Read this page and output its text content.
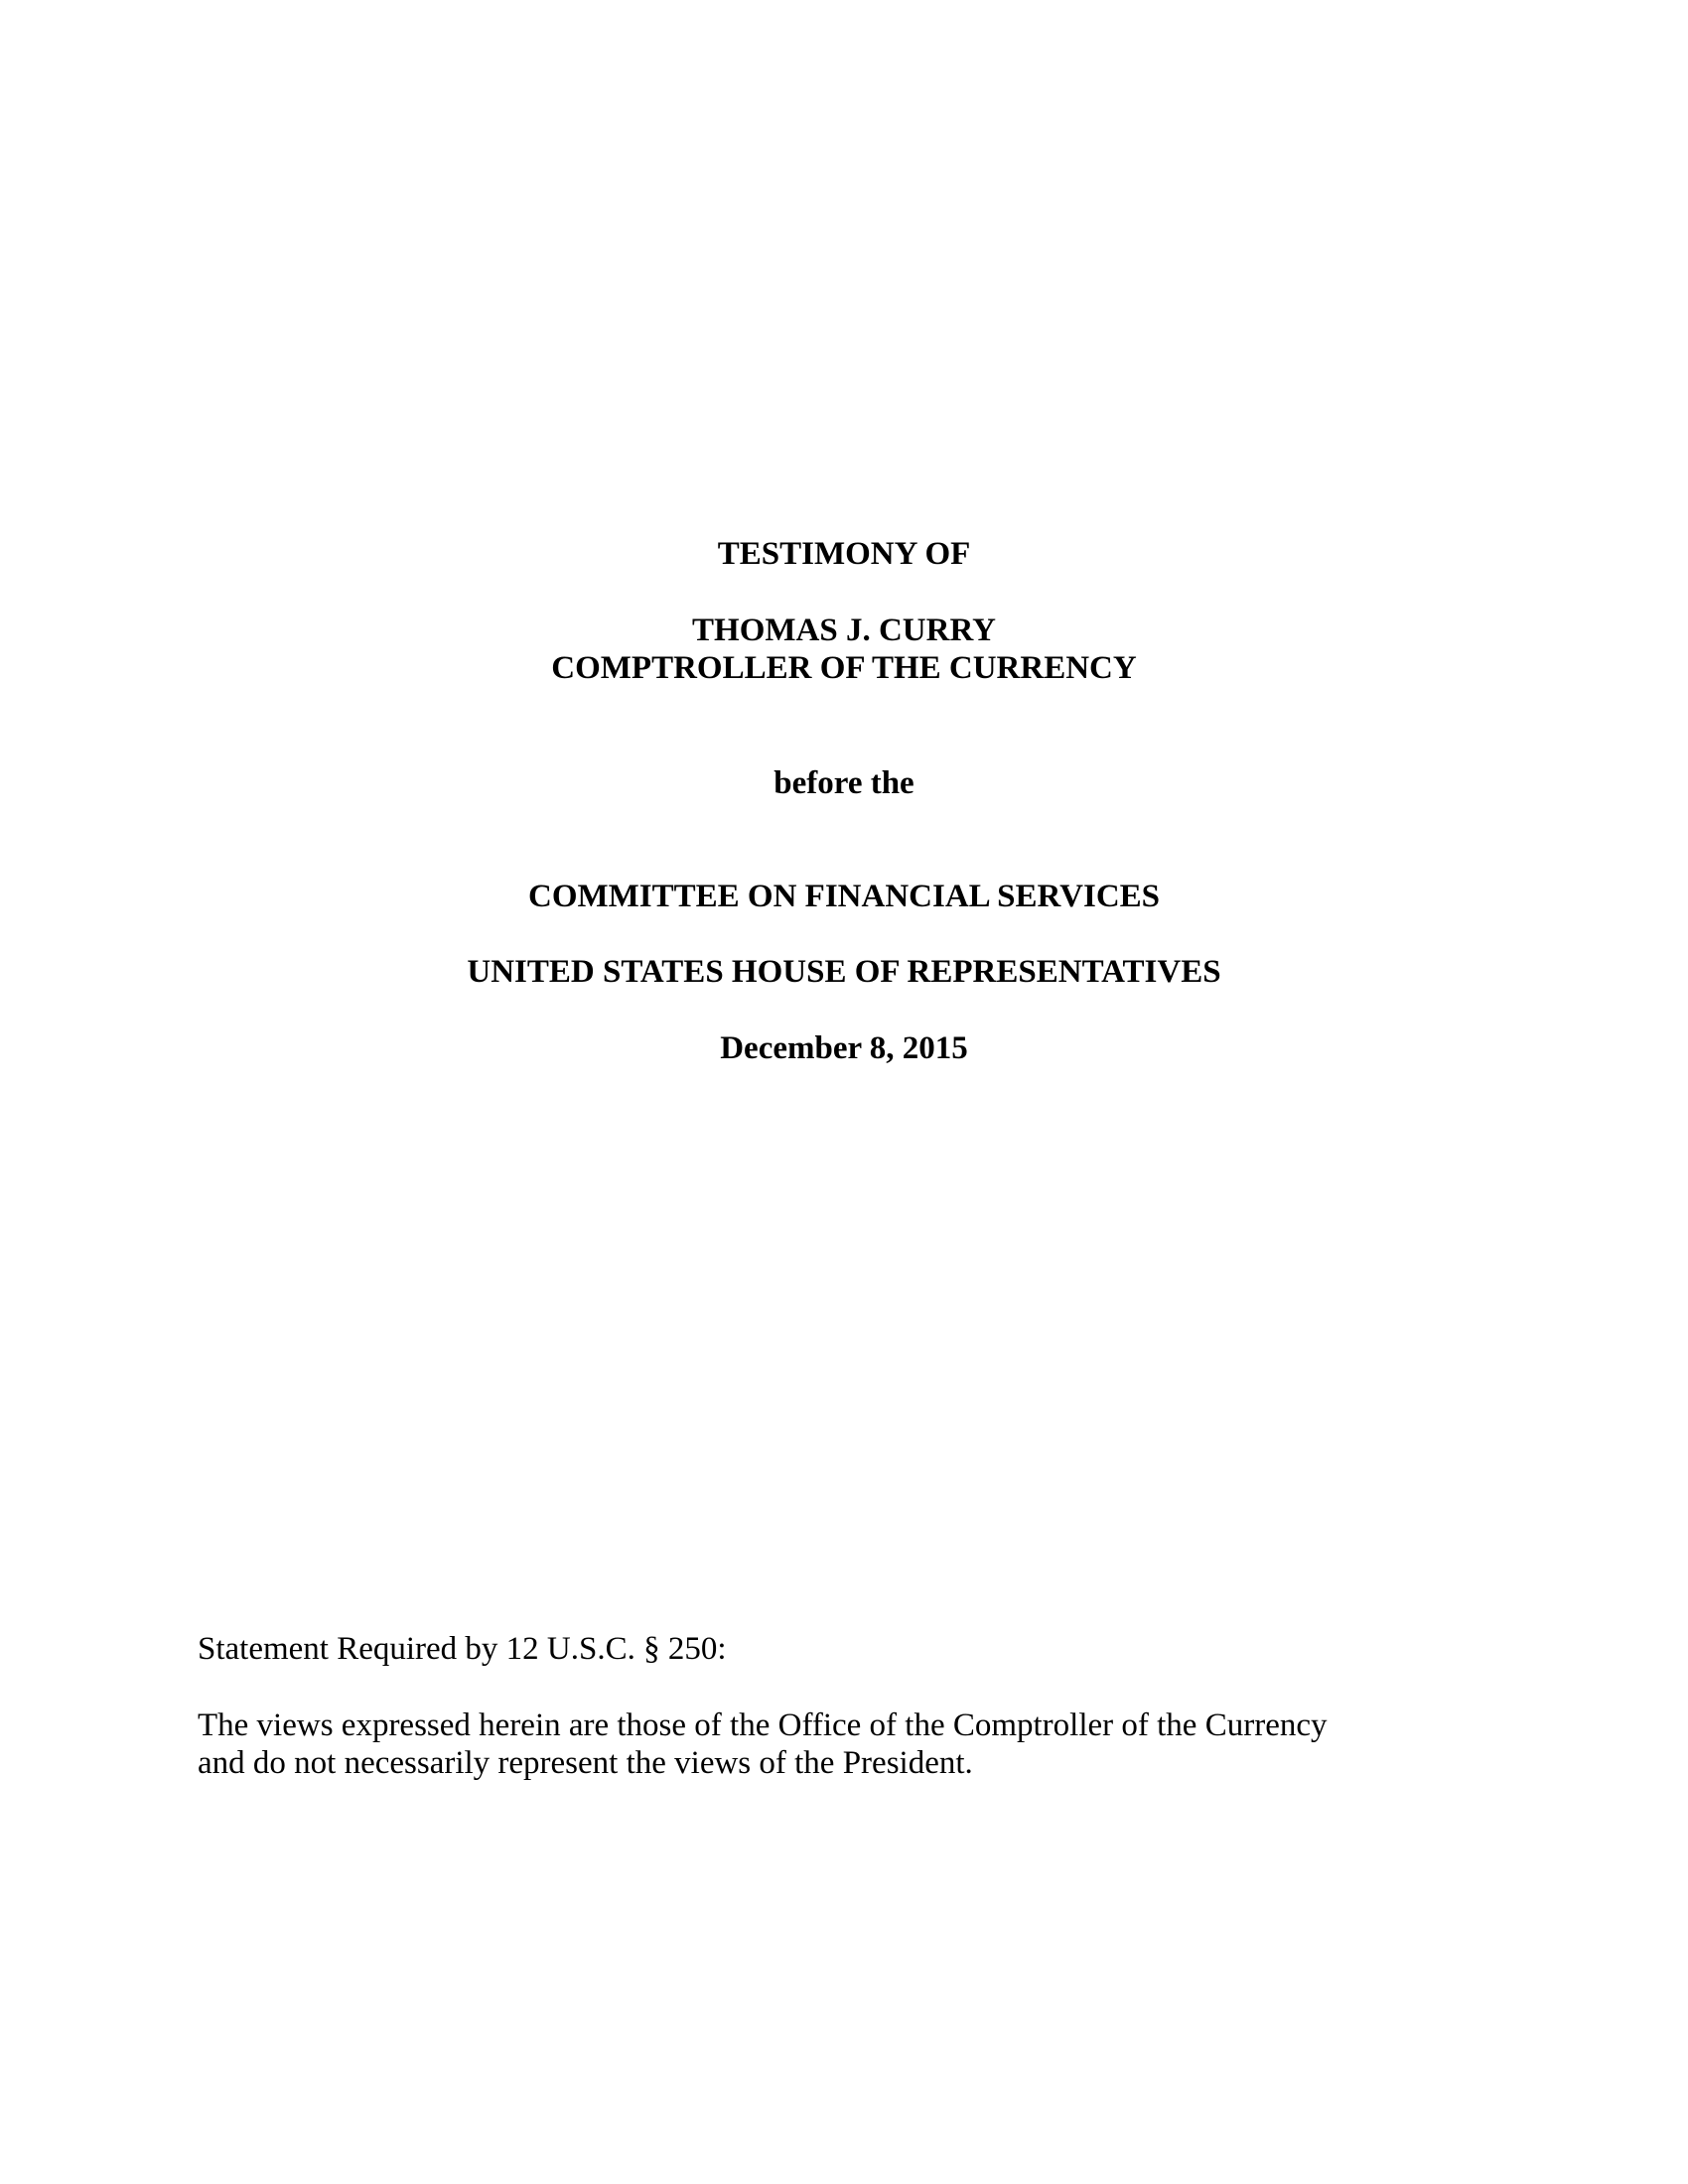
TESTIMONY OF
THOMAS J. CURRY
COMPTROLLER OF THE CURRENCY
before the
COMMITTEE ON FINANCIAL SERVICES
UNITED STATES HOUSE OF REPRESENTATIVES
December 8, 2015
Statement Required by 12 U.S.C. § 250:
The views expressed herein are those of the Office of the Comptroller of the Currency
and do not necessarily represent the views of the President.
